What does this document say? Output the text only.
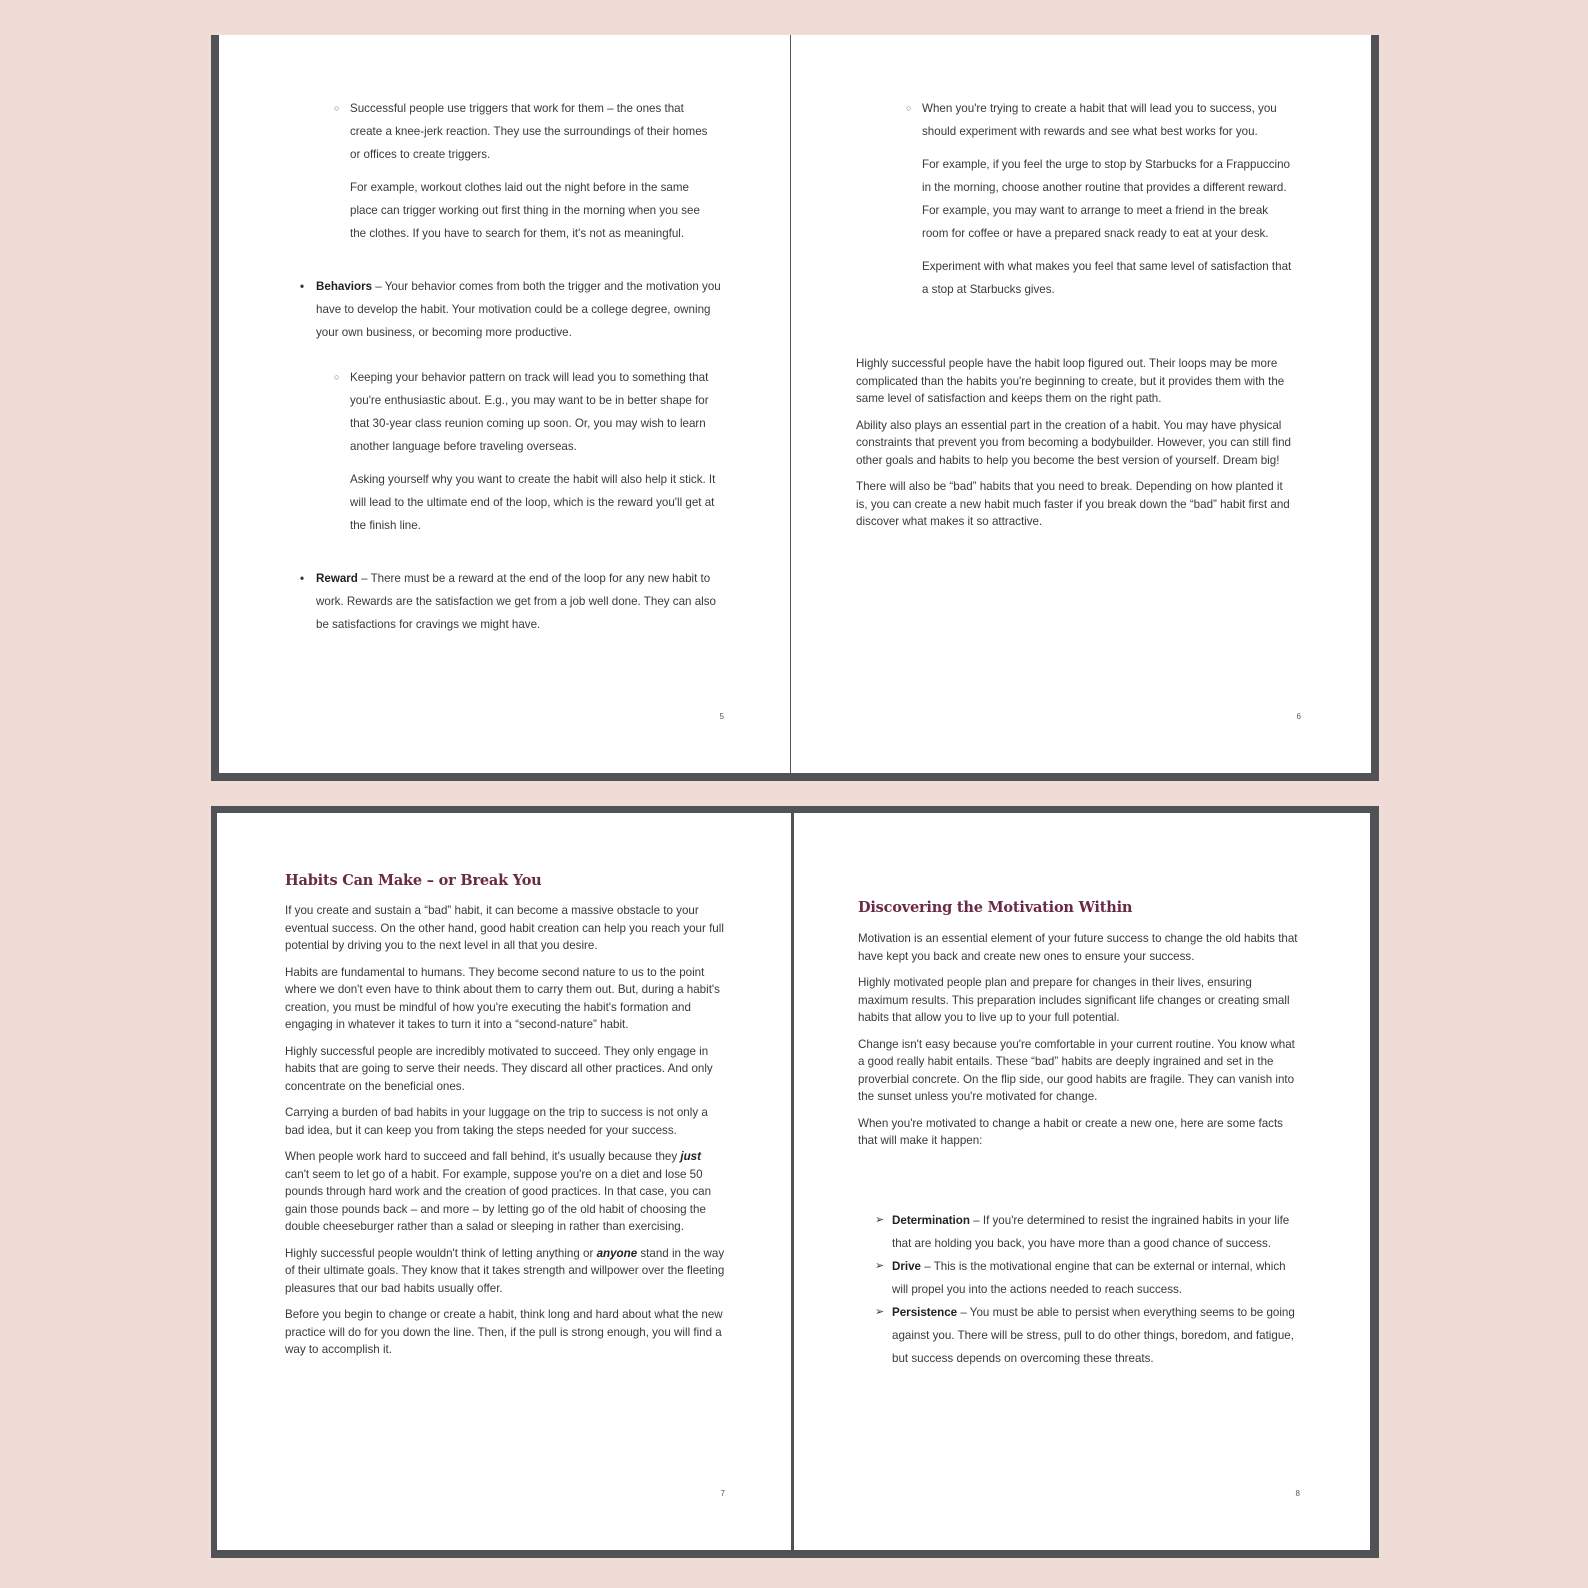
○ Successful people use triggers that work for them – the ones that create a knee-jerk reaction. They use the surroundings of their homes or offices to create triggers.

For example, workout clothes laid out the night before in the same place can trigger working out first thing in the morning when you see the clothes. If you have to search for them, it's not as meaningful.

• Behaviors – Your behavior comes from both the trigger and the motivation you have to develop the habit. Your motivation could be a college degree, owning your own business, or becoming more productive.

○ Keeping your behavior pattern on track will lead you to something that you're enthusiastic about. E.g., you may want to be in better shape for that 30-year class reunion coming up soon. Or, you may wish to learn another language before traveling overseas.

Asking yourself why you want to create the habit will also help it stick. It will lead to the ultimate end of the loop, which is the reward you'll get at the finish line.

• Reward – There must be a reward at the end of the loop for any new habit to work. Rewards are the satisfaction we get from a job well done. They can also be satisfactions for cravings we might have.

5
○ When you're trying to create a habit that will lead you to success, you should experiment with rewards and see what best works for you.

For example, if you feel the urge to stop by Starbucks for a Frappuccino in the morning, choose another routine that provides a different reward. For example, you may want to arrange to meet a friend in the break room for coffee or have a prepared snack ready to eat at your desk.

Experiment with what makes you feel that same level of satisfaction that a stop at Starbucks gives.

Highly successful people have the habit loop figured out. Their loops may be more complicated than the habits you're beginning to create, but it provides them with the same level of satisfaction and keeps them on the right path.

Ability also plays an essential part in the creation of a habit. You may have physical constraints that prevent you from becoming a bodybuilder. However, you can still find other goals and habits to help you become the best version of yourself. Dream big!

There will also be “bad” habits that you need to break. Depending on how planted it is, you can create a new habit much faster if you break down the “bad” habit first and discover what makes it so attractive.

6
Habits Can Make – or Break You

If you create and sustain a “bad” habit, it can become a massive obstacle to your eventual success. On the other hand, good habit creation can help you reach your full potential by driving you to the next level in all that you desire.

Habits are fundamental to humans. They become second nature to us to the point where we don't even have to think about them to carry them out. But, during a habit's creation, you must be mindful of how you're executing the habit's formation and engaging in whatever it takes to turn it into a “second-nature” habit.

Highly successful people are incredibly motivated to succeed. They only engage in habits that are going to serve their needs. They discard all other practices. And only concentrate on the beneficial ones.

Carrying a burden of bad habits in your luggage on the trip to success is not only a bad idea, but it can keep you from taking the steps needed for your success.

When people work hard to succeed and fall behind, it's usually because they just can't seem to let go of a habit. For example, suppose you're on a diet and lose 50 pounds through hard work and the creation of good practices. In that case, you can gain those pounds back – and more – by letting go of the old habit of choosing the double cheeseburger rather than a salad or sleeping in rather than exercising.

Highly successful people wouldn't think of letting anything or anyone stand in the way of their ultimate goals. They know that it takes strength and willpower over the fleeting pleasures that our bad habits usually offer.

Before you begin to change or create a habit, think long and hard about what the new practice will do for you down the line. Then, if the pull is strong enough, you will find a way to accomplish it.

7
Discovering the Motivation Within

Motivation is an essential element of your future success to change the old habits that have kept you back and create new ones to ensure your success.

Highly motivated people plan and prepare for changes in their lives, ensuring maximum results. This preparation includes significant life changes or creating small habits that allow you to live up to your full potential.

Change isn't easy because you're comfortable in your current routine. You know what a good really habit entails. These “bad” habits are deeply ingrained and set in the proverbial concrete. On the flip side, our good habits are fragile. They can vanish into the sunset unless you're motivated for change.

When you're motivated to change a habit or create a new one, here are some facts that will make it happen:

➢ Determination – If you're determined to resist the ingrained habits in your life that are holding you back, you have more than a good chance of success.
➢ Drive – This is the motivational engine that can be external or internal, which will propel you into the actions needed to reach success.
➢ Persistence – You must be able to persist when everything seems to be going against you. There will be stress, pull to do other things, boredom, and fatigue, but success depends on overcoming these threats.
8
